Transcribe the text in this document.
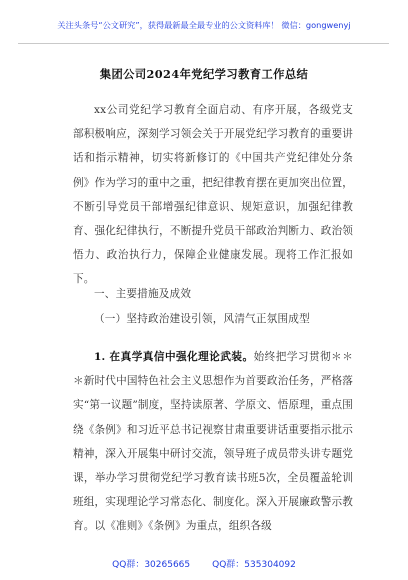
关注头条号“公文研究”，获得最新最全最专业的公文资料库！ 微信：gongwenyj
集团公司2024年党纪学习教育工作总结
xx公司党纪学习教育全面启动、有序开展，各级党支部积极响应，深刻学习领会关于开展党纪学习教育的重要讲话和指示精神，切实将新修订的《中国共产党纪律处分条例》作为学习的重中之重，把纪律教育摆在更加突出位置，不断引导党员干部增强纪律意识、规矩意识，加强纪律教育、强化纪律执行，不断提升党员干部政治判断力、政治领悟力、政治执行力，保障企业健康发展。现将工作汇报如下。
一、主要措施及成效
（一）坚持政治建设引领，风清气正氛围成型
1. 在真学真信中强化理论武装。始终把学习贯彻＊＊＊新时代中国特色社会主义思想作为首要政治任务，严格落实“第一议题”制度，坚持读原著、学原文、悟原理，重点围绕《条例》和习近平总书记视察甘肃重要讲话重要指示批示精神，深入开展集中研讨交流，领导班子成员带头讲专题党课，举办学习贯彻党纪学习教育读书班5次，全员覆盖轮训班组，实现理论学习常态化、制度化。深入开展廉政警示教育。以《准则》《条例》为重点，组织各级
QQ群：30265665 QQ群：535304092
